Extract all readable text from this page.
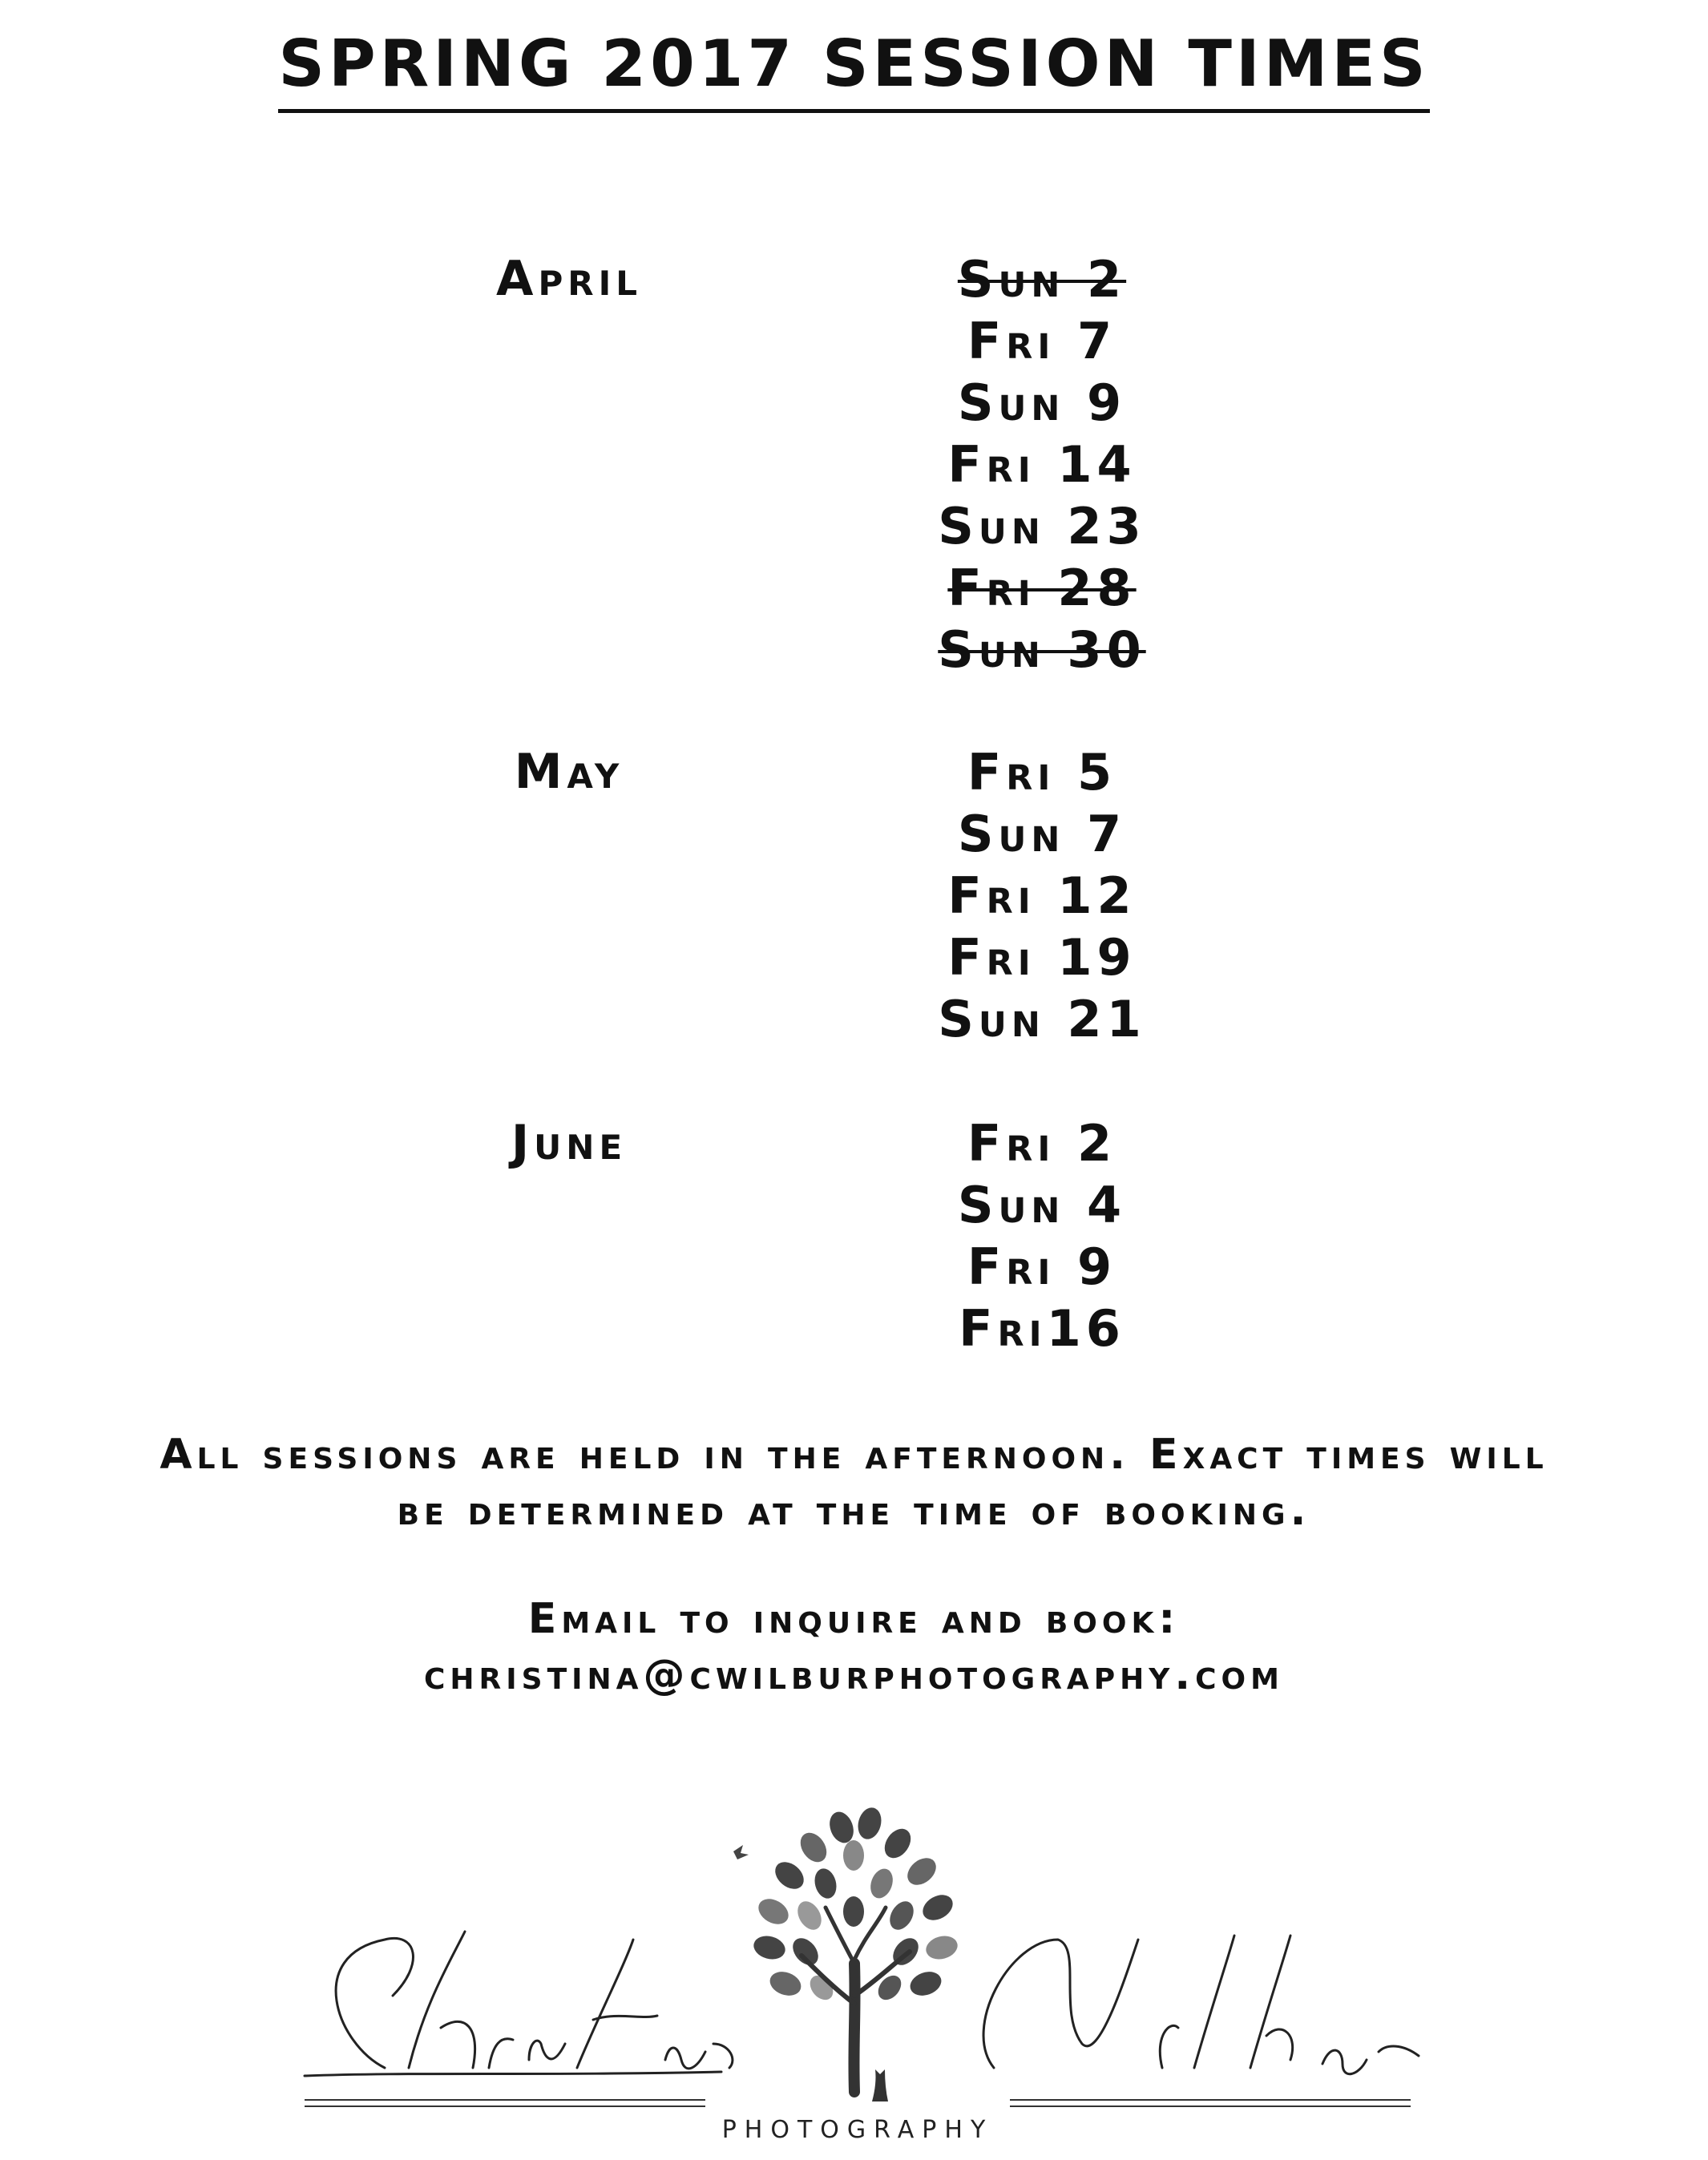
SPRING 2017 SESSION TIMES
April	Sun 2
Fri 7
Sun 9
Fri 14
Sun 23
Fri 28
Sun 30
May	Fri 5
Sun 7
Fri 12
Fri 19
Sun 21
June	Fri 2
Sun 4
Fri 9
Fri16
All sessions are held in the afternoon. Exact times will
be determined at the time of booking.
Email to inquire and book:
christina@cwilburphotography.com
PHOTOGRAPHY
